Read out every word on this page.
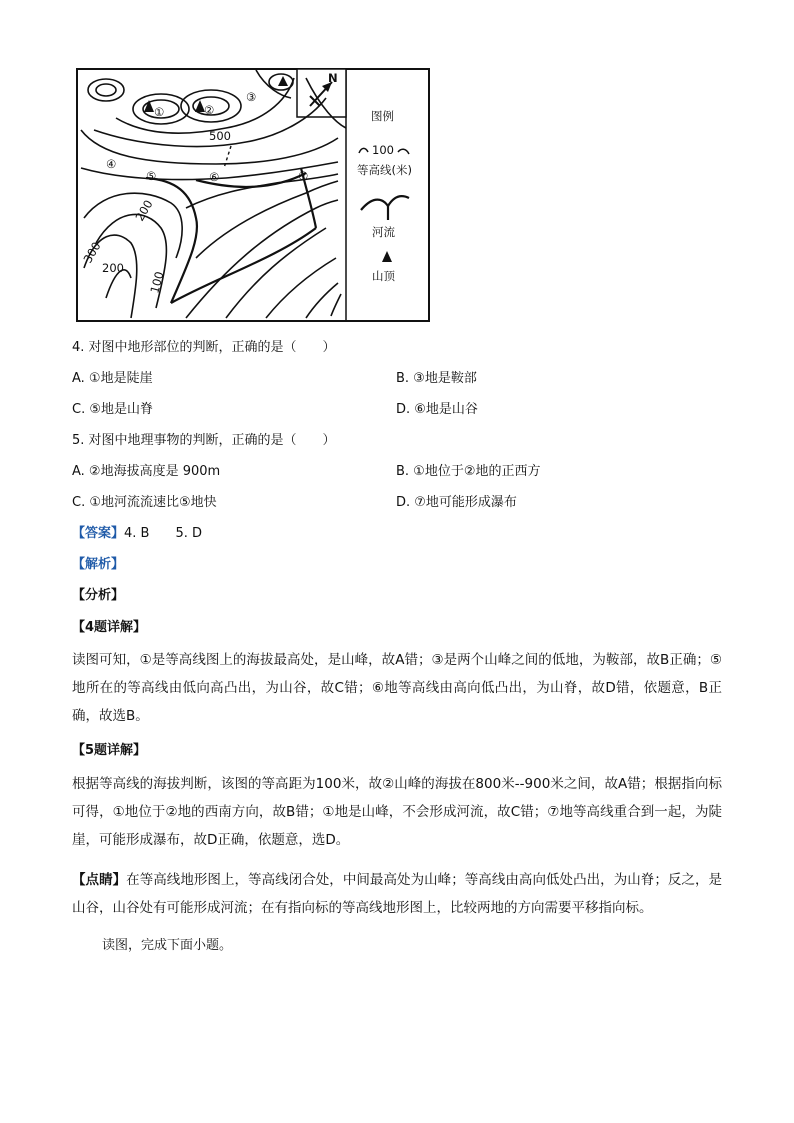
N
500
200
300
200
100
①	②
③
④
⑤	⑥	⑦
图例
100
等高线(米)
河流
山顶
4. 对图中地形部位的判断，正确的是（　　）
A. ①地是陡崖	B. ③地是鞍部
C. ⑤地是山脊	D. ⑥地是山谷
5. 对图中地理事物的判断，正确的是（　　）
A. ②地海拔高度是 900m	B. ①地位于②地的正西方
C. ①地河流流速比⑤地快	D. ⑦地可能形成瀑布
【答案】4. B　　5. D
【解析】
【分析】
【4题详解】
读图可知，①是等高线图上的海拔最高处，是山峰，故A错；③是两个山峰之间的低地，为鞍部，故B正确；⑤地所在的等高线由低向高凸出，为山谷，故C错；⑥地等高线由高向低凸出，为山脊，故D错，依题意，B正确，故选B。
【5题详解】
根据等高线的海拔判断，该图的等高距为100米，故②山峰的海拔在800米--900米之间，故A错；根据指向标可得，①地位于②地的西南方向，故B错；①地是山峰，不会形成河流，故C错；⑦地等高线重合到一起，为陡崖，可能形成瀑布，故D正确，依题意，选D。
【点睛】在等高线地形图上，等高线闭合处，中间最高处为山峰；等高线由高向低处凸出，为山脊；反之，是山谷，山谷处有可能形成河流；在有指向标的等高线地形图上，比较两地的方向需要平移指向标。
读图，完成下面小题。
